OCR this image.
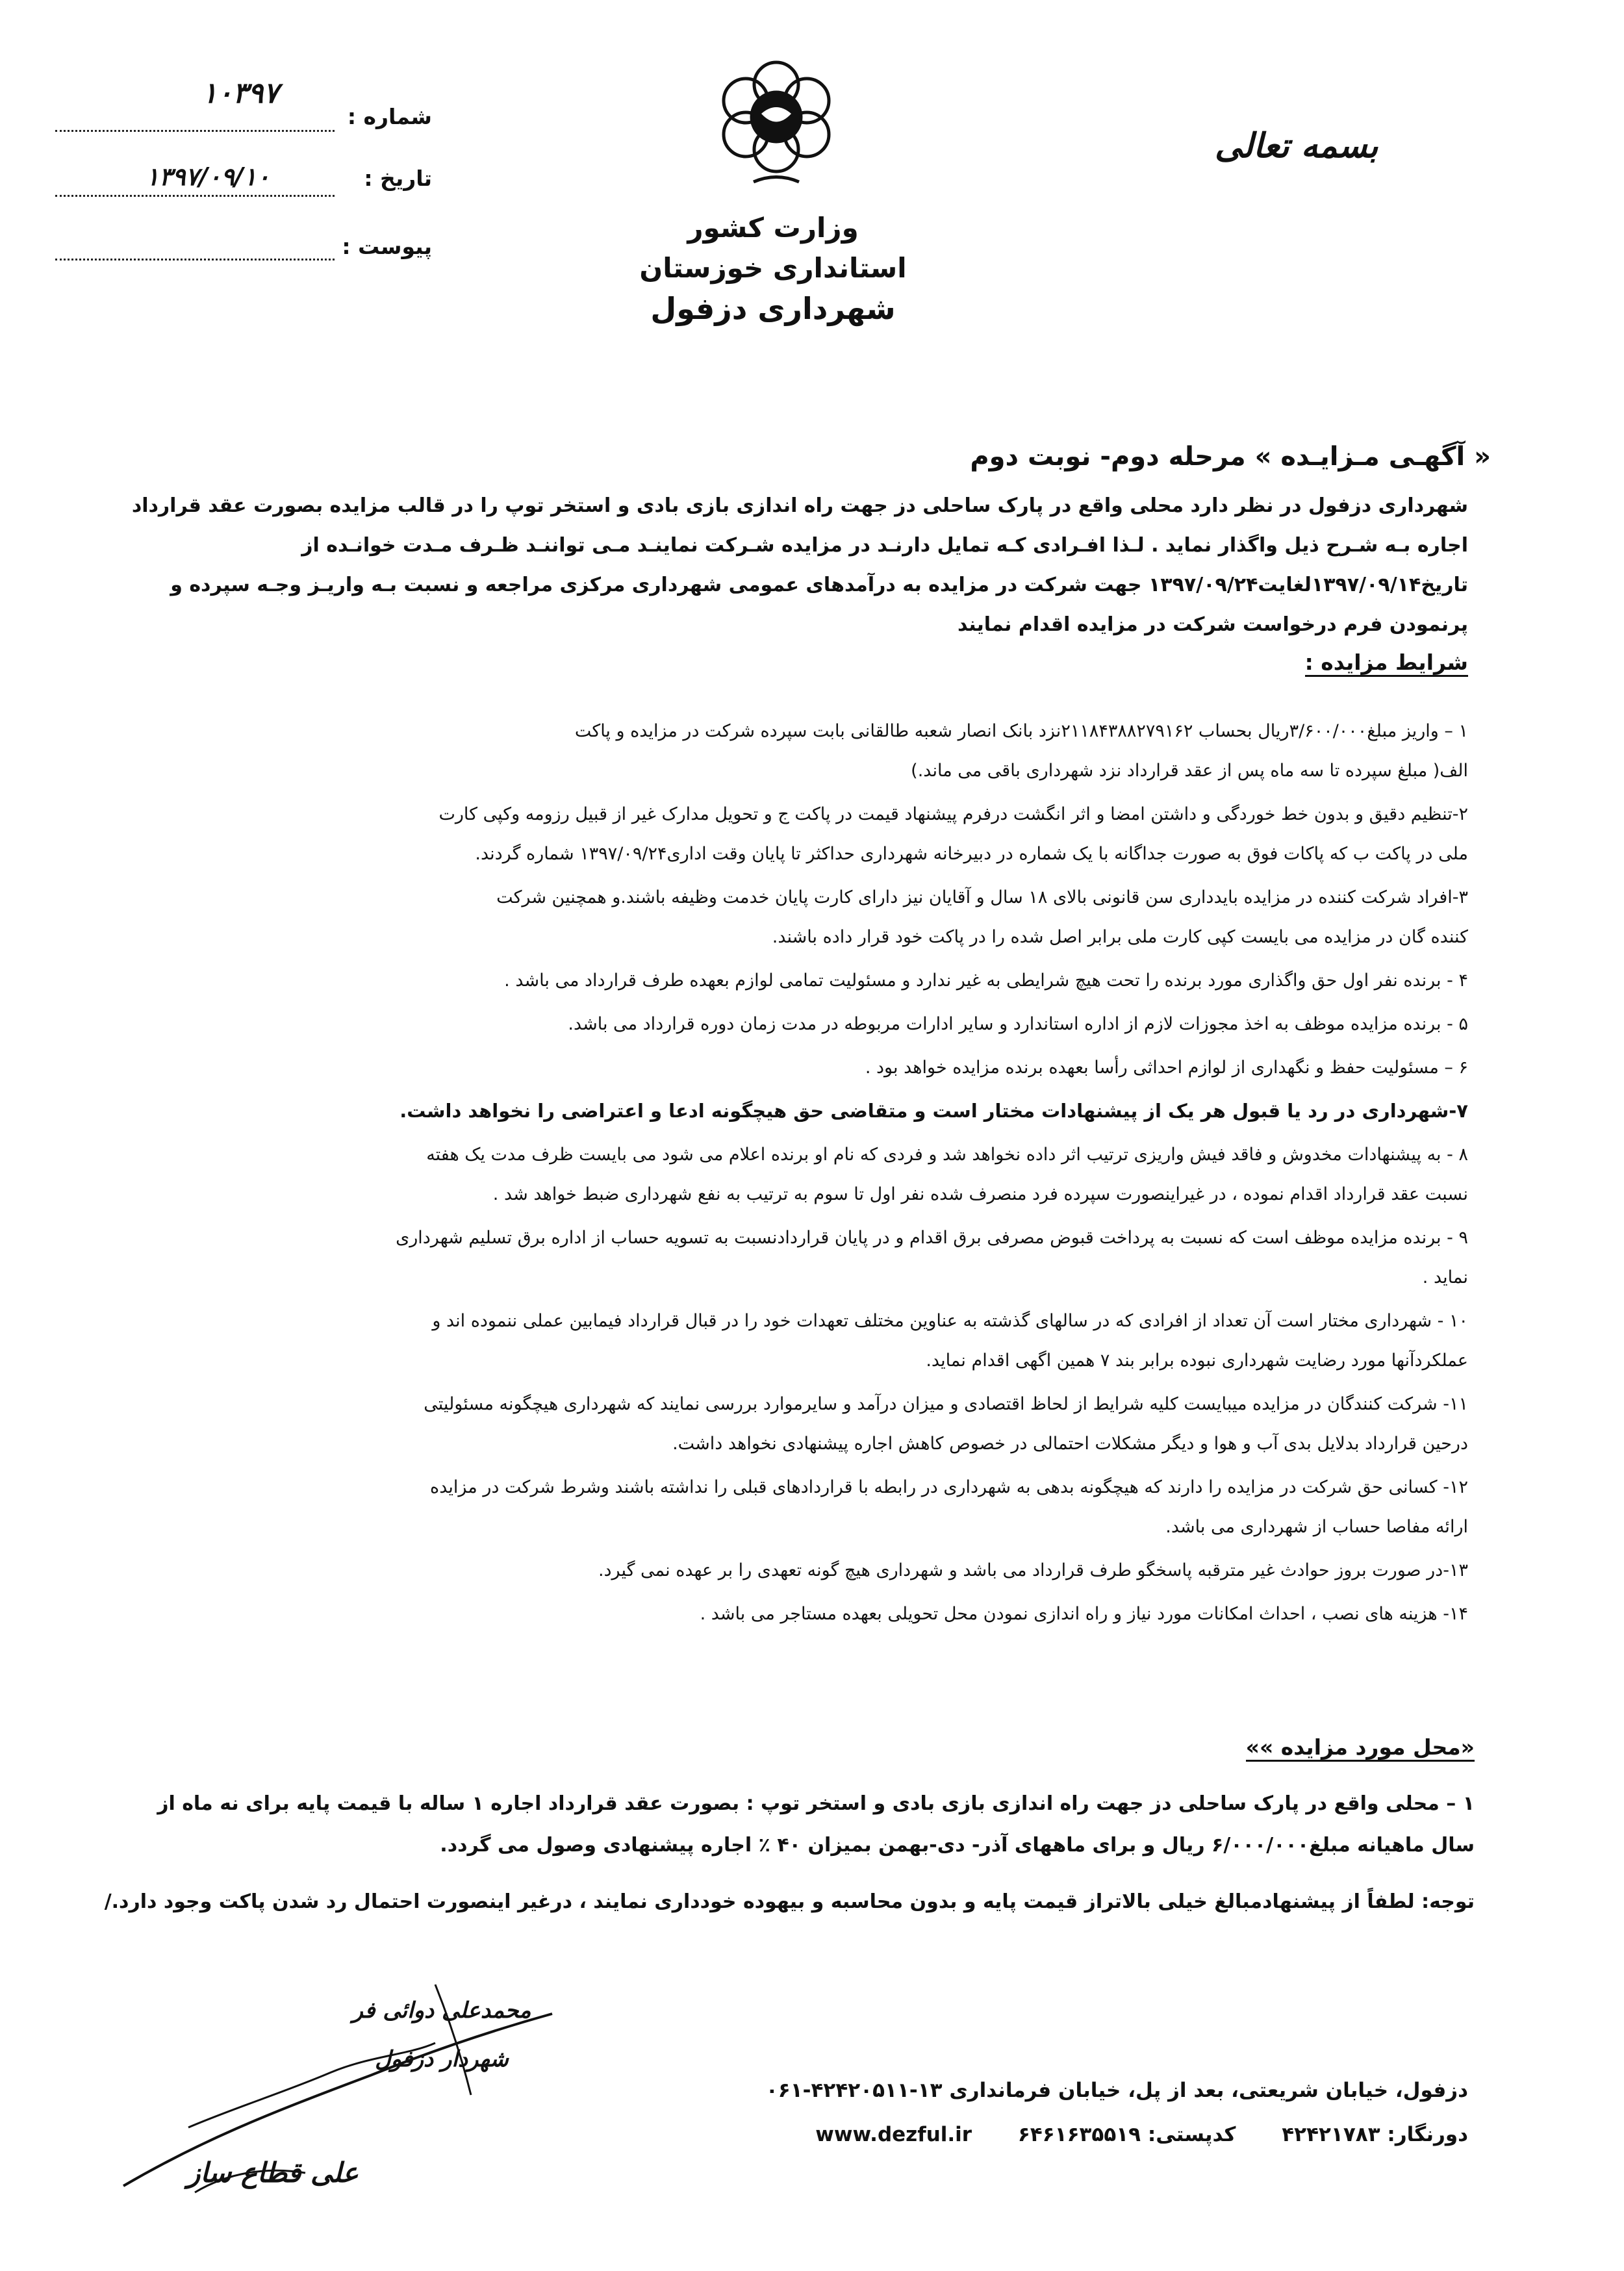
بسمه تعالی
وزارت کشور
استانداری خوزستان
شهرداری دزفول
شماره :
۱۰۳۹۷
تاریخ :
۱۳۹۷/۰۹/۱۰
پیوست :
« آگهـی مـزایـده » مرحله دوم- نوبت دوم
شهرداری دزفول در نظر دارد محلی واقع در پارک ساحلی دز جهت راه اندازی بازی بادی و استخر توپ را در قالب مزایده بصورت عقد قرارداد
اجاره بـه شـرح ذیل واگذار نماید . لـذا افـرادی کـه تمایل دارنـد در مزایده شـرکت نماینـد مـی تواننـد ظـرف مـدت خوانـده از
تاریخ۱۳۹۷/۰۹/۱۴لغایت۱۳۹۷/۰۹/۲۴ جهت شرکت در مزایده به درآمدهای عمومی شهرداری مرکزی مراجعه و نسبت بـه واریـز وجـه سپرده و
پرنمودن فرم درخواست شرکت در مزایده اقدام نمایند
شرایط مزایده :
۱ – واریز مبلغ۳/۶۰۰/۰۰۰ریال بحساب ۲۱۱۸۴۳۸۸۲۷۹۱۶۲نزد بانک انصار شعبه طالقانی بابت سپرده شرکت در مزایده و پاکت
الف( مبلغ سپرده تا سه ماه پس از عقد قرارداد نزد شهرداری باقی می ماند.)
۲-تنظیم دقیق و بدون خط خوردگی و داشتن امضا و اثر انگشت درفرم پیشنهاد قیمت در پاکت ج و تحویل مدارک غیر از قبیل رزومه وکپی کارت
ملی در پاکت ب که پاکات فوق به صورت جداگانه با یک شماره در دبیرخانه شهرداری حداکثر تا پایان وقت اداری۱۳۹۷/۰۹/۲۴ شماره گردند.
۳-افراد شرکت کننده در مزایده بایدداری سن قانونی بالای ۱۸ سال و آقایان نیز دارای کارت پایان خدمت وظیفه باشند.و همچنین شرکت
کننده گان در مزایده می بایست کپی کارت ملی برابر اصل شده را در پاکت خود قرار داده باشند.
۴ - برنده نفر اول حق واگذاری مورد برنده را تحت هیچ شرایطی به غیر ندارد و مسئولیت تمامی لوازم بعهده طرف قرارداد می باشد .
۵ - برنده مزایده موظف به اخذ مجوزات لازم از اداره استاندارد و سایر ادارات مربوطه در مدت زمان دوره قرارداد می باشد.
۶ – مسئولیت حفظ و نگهداری از لوازم احداثی رأسا بعهده برنده مزایده خواهد بود .
۷-شهرداری در رد یا قبول هر یک از پیشنهادات مختار است و متقاضی حق هیچگونه ادعا و اعتراضی را نخواهد داشت.
۸ - به پیشنهادات مخدوش و فاقد فیش واریزی ترتیب اثر داده نخواهد شد و فردی که نام او برنده اعلام می شود می بایست ظرف مدت یک هفته
نسبت عقد قرارداد اقدام نموده ، در غیراینصورت سپرده فرد منصرف شده نفر اول تا سوم به ترتیب به نفع شهرداری ضبط خواهد شد .
۹ - برنده مزایده موظف است که نسبت به پرداخت قبوض مصرفی برق اقدام و در پایان قراردادنسبت به تسویه حساب از اداره برق تسلیم شهرداری
نماید .
۱۰ - شهرداری مختار است آن تعداد از افرادی که در سالهای گذشته به عناوین مختلف تعهدات خود را در قبال قرارداد فیمابین عملی ننموده اند و
عملکردآنها مورد رضایت شهرداری نبوده برابر بند ۷ همین اگهی اقدام نماید.
۱۱- شرکت کنندگان در مزایده میبایست کلیه شرایط از لحاظ اقتصادی و میزان درآمد و سایرموارد بررسی نمایند که شهرداری هیچگونه مسئولیتی
درحین قرارداد بدلایل بدی آب و هوا و دیگر مشکلات احتمالی در خصوص کاهش اجاره پیشنهادی نخواهد داشت.
۱۲- کسانی حق شرکت در مزایده را دارند که هیچگونه بدهی به شهرداری در رابطه با قراردادهای قبلی را نداشته باشند وشرط شرکت در مزایده
ارائه مفاصا حساب از شهرداری می باشد.
۱۳-در صورت بروز حوادث غیر مترقبه پاسخگو طرف قرارداد می باشد و شهرداری هیچ گونه تعهدی را بر عهده نمی گیرد.
۱۴- هزینه های نصب ، احداث امکانات مورد نیاز و راه اندازی نمودن محل تحویلی بعهده مستاجر می باشد .
«محل مورد مزایده »»
۱ – محلی واقع در پارک ساحلی دز جهت راه اندازی بازی بادی و استخر توپ : بصورت عقد قرارداد اجاره ۱ ساله با قیمت پایه برای نه ماه از
سال ماهیانه مبلغ۶/۰۰۰/۰۰۰ ریال و برای ماههای آذر- دی-بهمن بمیزان ۴۰ ٪ اجاره پیشنهادی وصول می گردد.
توجه: لطفاً از پیشنهادمبالغ خیلی بالاتراز قیمت پایه و بدون محاسبه و بیهوده خودداری نمایند ، درغیر اینصورت احتمال رد شدن پاکت وجود دارد./
محمدعلی دوائی فر
شهردار دزفول
علی قطاع ساز
دزفول، خیابان شریعتی، بعد از پل، خیابان فرمانداری ۱۳-۴۲۴۲۰۵۱۱-۰۶۱
دورنگار: ۴۲۴۲۱۷۸۳ کدپستی: ۶۴۶۱۶۳۵۵۱۹ www.dezful.ir
